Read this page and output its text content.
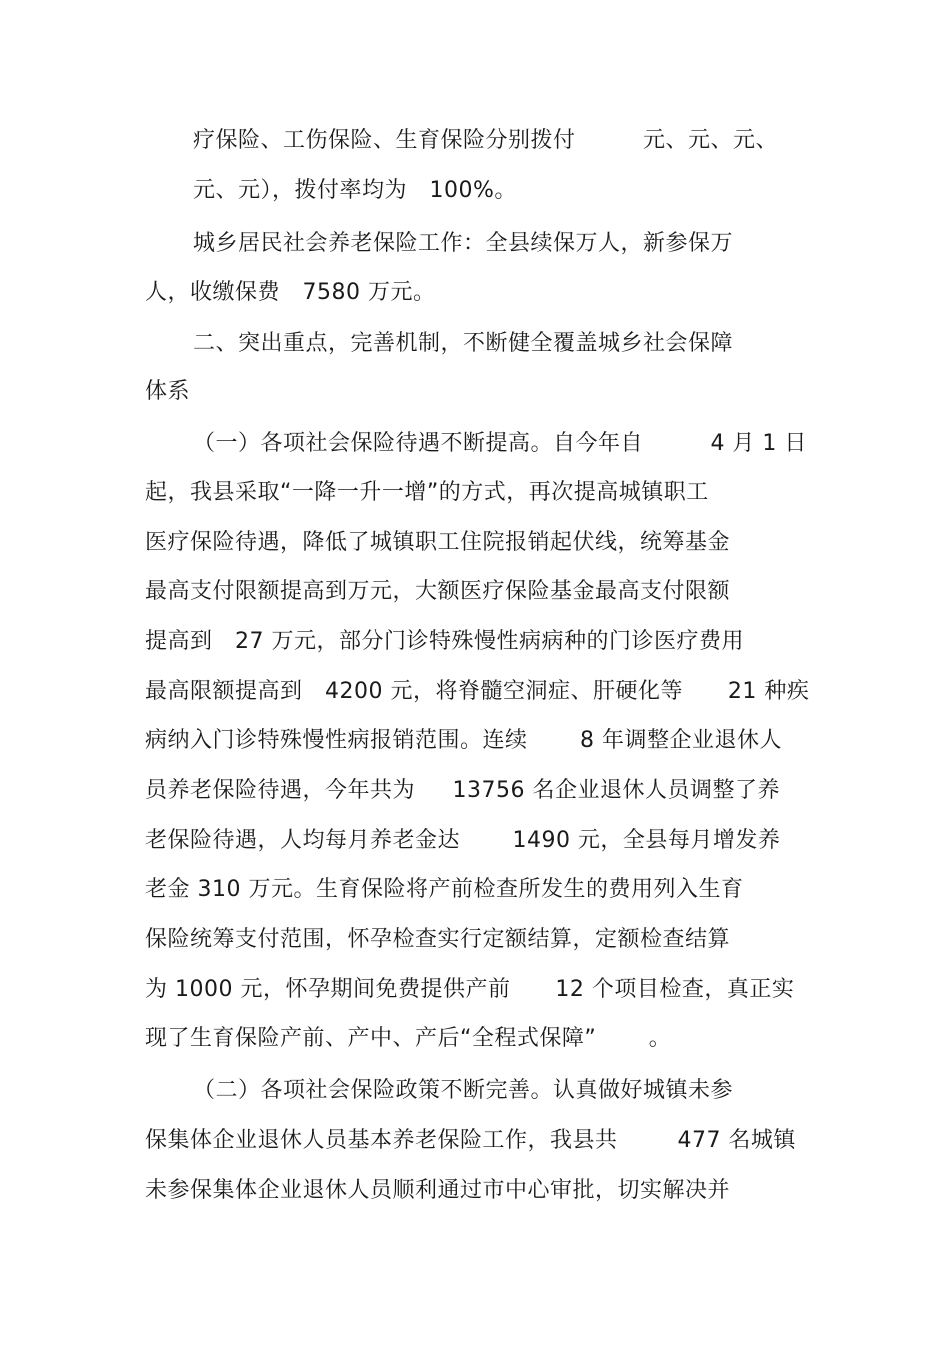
疗保险、工伤保险、生育保险分别拨付         元、元、元、

元、元），拨付率均为   100%。

城乡居民社会养老保险工作：全县续保万人，新参保万

人，收缴保费   7580 万元。

二、突出重点，完善机制，不断健全覆盖城乡社会保障

体系

（一）各项社会保险待遇不断提高。自今年自         4 月 1 日

起，我县采取“一降一升一增”的方式，再次提高城镇职工

医疗保险待遇，降低了城镇职工住院报销起伏线，统筹基金

最高支付限额提高到万元，大额医疗保险基金最高支付限额

提高到   27 万元，部分门诊特殊慢性病病种的门诊医疗费用

最高限额提高到   4200 元，将脊髓空洞症、肝硬化等      21 种疾

病纳入门诊特殊慢性病报销范围。连续       8 年调整企业退休人

员养老保险待遇，今年共为     13756 名企业退休人员调整了养

老保险待遇，人均每月养老金达       1490 元，全县每月增发养

老金 310 万元。生育保险将产前检查所发生的费用列入生育

保险统筹支付范围，怀孕检查实行定额结算，定额检查结算

为 1000 元，怀孕期间免费提供产前      12 个项目检查，真正实

现了生育保险产前、产中、产后“全程式保障”       。

（二）各项社会保险政策不断完善。认真做好城镇未参

保集体企业退休人员基本养老保险工作，我县共        477 名城镇

未参保集体企业退休人员顺利通过市中心审批，切实解决并
